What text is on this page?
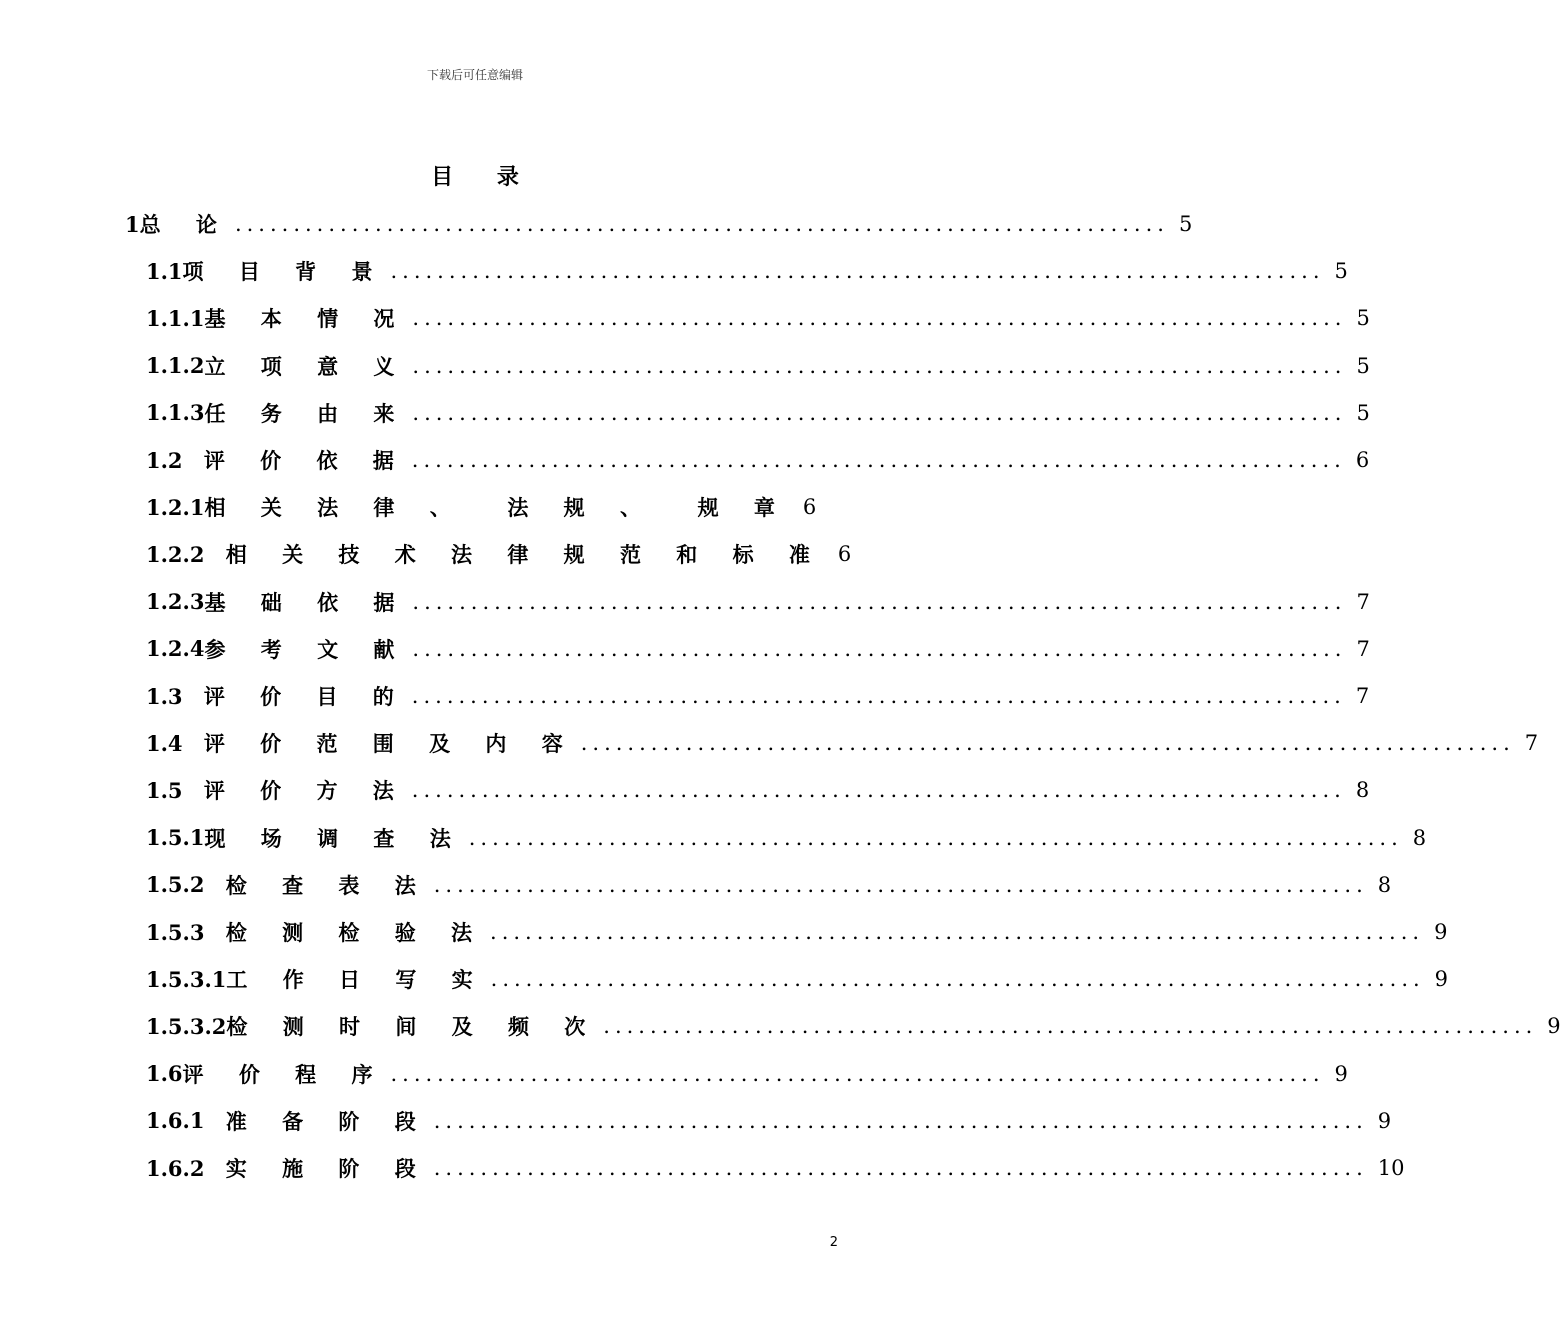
下载后可任意编辑
目 录
1 总 论 ................................................................................ 5
1.1 项 目 背 景 ................................................................................ 5
1.1.1 基 本 情 况 ................................................................................ 5
1.1.2 立 项 意 义 ................................................................................ 5
1.1.3 任 务 由 来 ................................................................................ 5
1.2 评 价 依 据 ................................................................................ 6
1.2.1 相 关 法 律 、  法 规 、  规 章 6
1.2.2 相 关 技 术 法 律 规 范 和 标 准 6
1.2.3 基 础 依 据 ................................................................................ 7
1.2.4 参 考 文 献 ................................................................................ 7
1.3 评 价 目 的 ................................................................................ 7
1.4 评 价 范 围 及 内 容 ................................................................................ 7
1.5 评 价 方 法 ................................................................................ 8
1.5.1 现 场 调 查 法 ................................................................................ 8
1.5.2 检 查 表 法 ................................................................................ 8
1.5.3 检 测 检 验 法 ................................................................................ 9
1.5.3.1 工 作 日 写 实 ................................................................................ 9
1.5.3.2 检 测 时 间 及 频 次 ................................................................................ 9
1.6 评 价 程 序 ................................................................................ 9
1.6.1 准 备 阶 段 ................................................................................ 9
1.6.2 实 施 阶 段 ................................................................................ 10
2
